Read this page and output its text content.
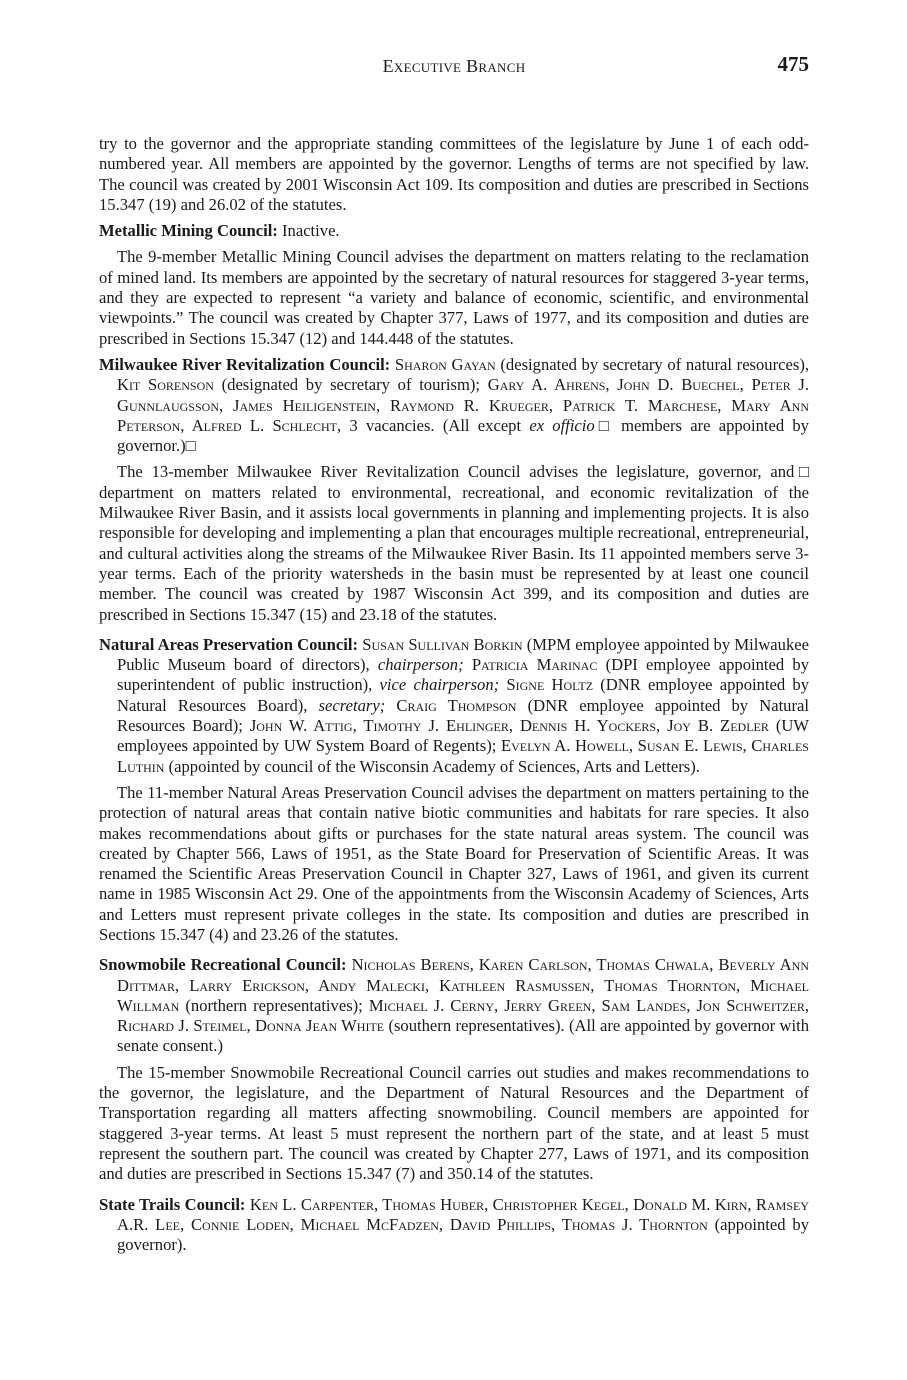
Executive Branch	475

try to the governor and the appropriate standing committees of the legislature by June 1 of each odd-numbered year. All members are appointed by the governor. Lengths of terms are not specified by law. The council was created by 2001 Wisconsin Act 109. Its composition and duties are prescribed in Sections 15.347 (19) and 26.02 of the statutes.

Metallic Mining Council: Inactive.

The 9-member Metallic Mining Council advises the department on matters relating to the reclamation of mined land. Its members are appointed by the secretary of natural resources for staggered 3-year terms, and they are expected to represent “a variety and balance of economic, scientific, and environmental viewpoints.” The council was created by Chapter 377, Laws of 1977, and its composition and duties are prescribed in Sections 15.347 (12) and 144.448 of the statutes.

Milwaukee River Revitalization Council: Sharon Gayan (designated by secretary of natural resources), Kit Sorenson (designated by secretary of tourism); Gary A. Ahrens, John D. Buechel, Peter J. Gunnlaugsson, James Heiligenstein, Raymond R. Krueger, Patrick T. Marchese, Mary Ann Peterson, Alfred L. Schlecht, 3 vacancies. (All except ex officio□ members are appointed by governor.)□

The 13-member Milwaukee River Revitalization Council advises the legislature, governor, and□ department on matters related to environmental, recreational, and economic revitalization of the Milwaukee River Basin, and it assists local governments in planning and implementing projects. It is also responsible for developing and implementing a plan that encourages multiple recreational, entrepreneurial, and cultural activities along the streams of the Milwaukee River Basin. Its 11 appointed members serve 3-year terms. Each of the priority watersheds in the basin must be represented by at least one council member. The council was created by 1987 Wisconsin Act 399, and its composition and duties are prescribed in Sections 15.347 (15) and 23.18 of the statutes.

Natural Areas Preservation Council: Susan Sullivan Borkin (MPM employee appointed by Milwaukee Public Museum board of directors), chairperson; Patricia Marinac (DPI employee appointed by superintendent of public instruction), vice chairperson; Signe Holtz (DNR employee appointed by Natural Resources Board), secretary; Craig Thompson (DNR employee appointed by Natural Resources Board); John W. Attig, Timothy J. Ehlinger, Dennis H. Yockers, Joy B. Zedler (UW employees appointed by UW System Board of Regents); Evelyn A. Howell, Susan E. Lewis, Charles Luthin (appointed by council of the Wisconsin Academy of Sciences, Arts and Letters).

The 11-member Natural Areas Preservation Council advises the department on matters pertaining to the protection of natural areas that contain native biotic communities and habitats for rare species. It also makes recommendations about gifts or purchases for the state natural areas system. The council was created by Chapter 566, Laws of 1951, as the State Board for Preservation of Scientific Areas. It was renamed the Scientific Areas Preservation Council in Chapter 327, Laws of 1961, and given its current name in 1985 Wisconsin Act 29. One of the appointments from the Wisconsin Academy of Sciences, Arts and Letters must represent private colleges in the state. Its composition and duties are prescribed in Sections 15.347 (4) and 23.26 of the statutes.

Snowmobile Recreational Council: Nicholas Berens, Karen Carlson, Thomas Chwala, Beverly Ann Dittmar, Larry Erickson, Andy Malecki, Kathleen Rasmussen, Thomas Thornton, Michael Willman (northern representatives); Michael J. Cerny, Jerry Green, Sam Landes, Jon Schweitzer, Richard J. Steimel, Donna Jean White (southern representatives). (All are appointed by governor with senate consent.)

The 15-member Snowmobile Recreational Council carries out studies and makes recommendations to the governor, the legislature, and the Department of Natural Resources and the Department of Transportation regarding all matters affecting snowmobiling. Council members are appointed for staggered 3-year terms. At least 5 must represent the northern part of the state, and at least 5 must represent the southern part. The council was created by Chapter 277, Laws of 1971, and its composition and duties are prescribed in Sections 15.347 (7) and 350.14 of the statutes.

State Trails Council: Ken L. Carpenter, Thomas Huber, Christopher Kegel, Donald M. Kirn, Ramsey A.R. Lee, Connie Loden, Michael McFadzen, David Phillips, Thomas J. Thornton (appointed by governor).
